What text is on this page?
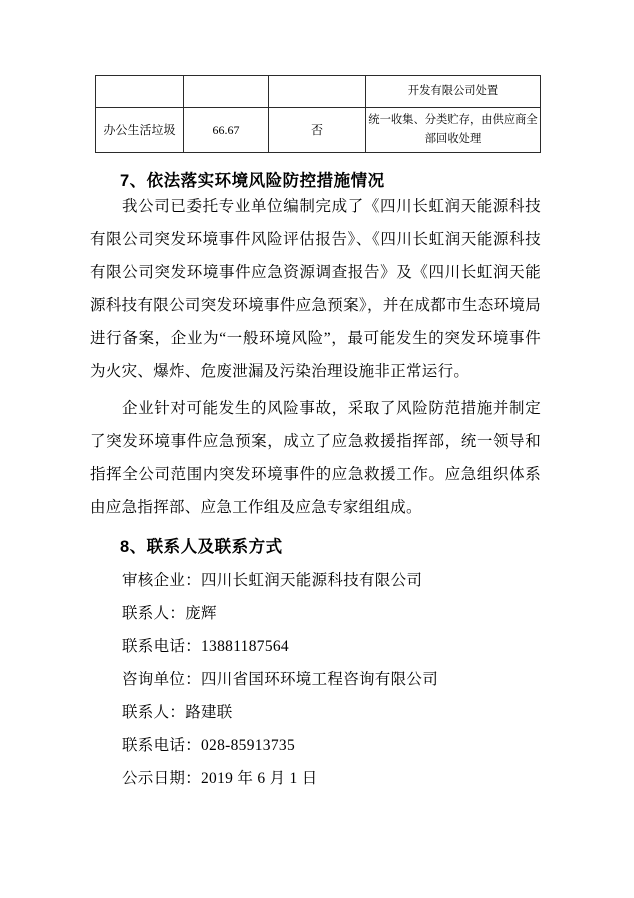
			开发有限公司处置
办公生活垃圾	66.67	否	统一收集、分类贮存，由供应商全部回收处理
7、依法落实环境风险防控措施情况
我公司已委托专业单位编制完成了《四川长虹润天能源科技有限公司突发环境事件风险评估报告》、《四川长虹润天能源科技有限公司突发环境事件应急资源调查报告》及《四川长虹润天能源科技有限公司突发环境事件应急预案》，并在成都市生态环境局进行备案，企业为“一般环境风险”，最可能发生的突发环境事件为火灾、爆炸、危废泄漏及污染治理设施非正常运行。
企业针对可能发生的风险事故，采取了风险防范措施并制定了突发环境事件应急预案，成立了应急救援指挥部，统一领导和指挥全公司范围内突发环境事件的应急救援工作。应急组织体系由应急指挥部、应急工作组及应急专家组组成。
8、联系人及联系方式
审核企业：四川长虹润天能源科技有限公司
联系人：庞辉
联系电话：13881187564
咨询单位：四川省国环环境工程咨询有限公司
联系人：路建联
联系电话：028-85913735
公示日期：2019 年 6 月 1 日
